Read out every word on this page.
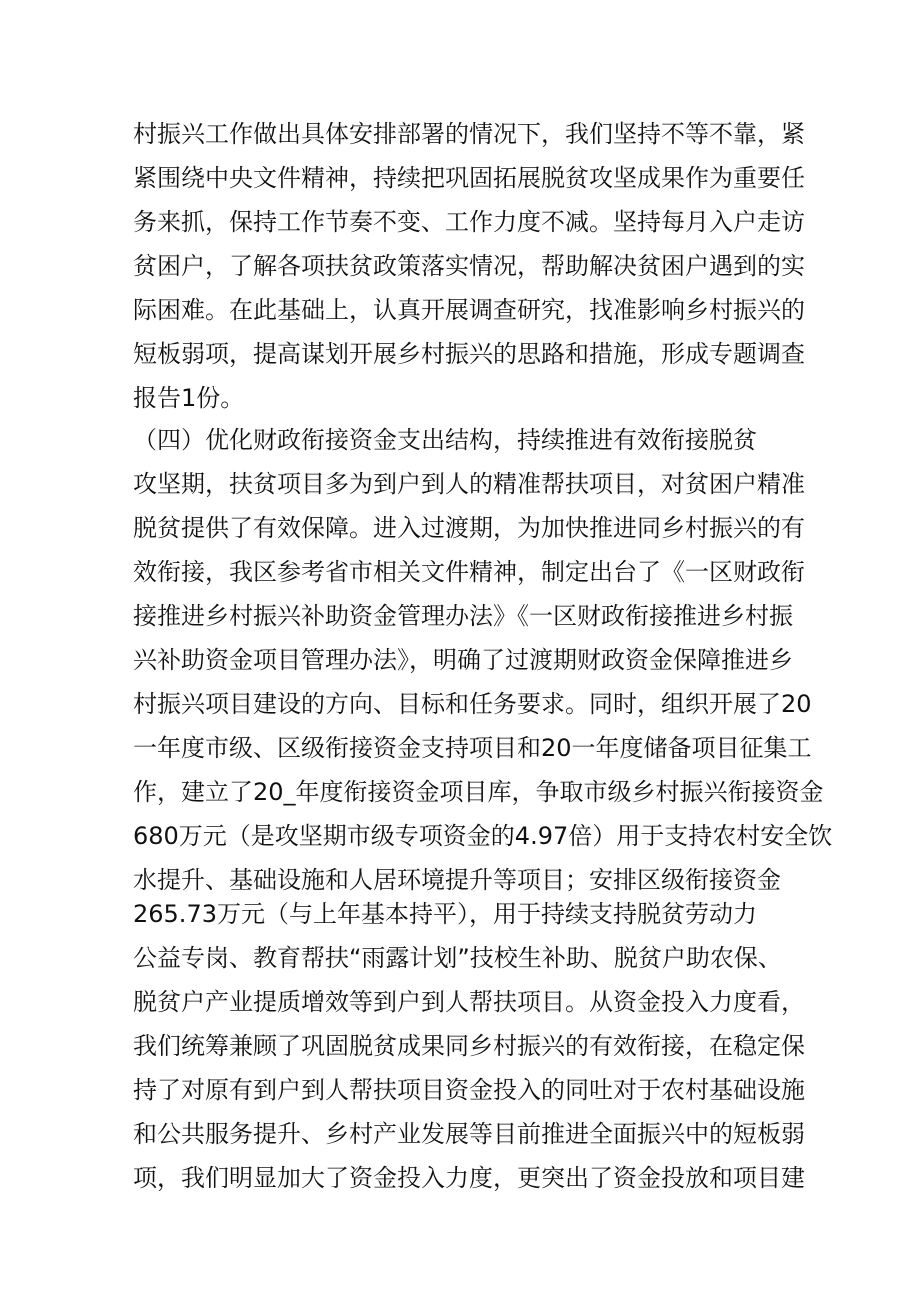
村振兴工作做出具体安排部署的情况下，我们坚持不等不靠，紧
紧围绕中央文件精神，持续把巩固拓展脱贫攻坚成果作为重要任
务来抓，保持工作节奏不变、工作力度不减。坚持每月入户走访
贫困户，了解各项扶贫政策落实情况，帮助解决贫困户遇到的实
际困难。在此基础上，认真开展调查研究，找准影响乡村振兴的
短板弱项，提高谋划开展乡村振兴的思路和措施，形成专题调查
报告1份。
（四）优化财政衔接资金支出结构，持续推进有效衔接脱贫
攻坚期，扶贫项目多为到户到人的精准帮扶项目，对贫困户精准
脱贫提供了有效保障。进入过渡期，为加快推进同乡村振兴的有
效衔接，我区参考省市相关文件精神，制定出台了《一区财政衔
接推进乡村振兴补助资金管理办法》《一区财政衔接推进乡村振
兴补助资金项目管理办法》，明确了过渡期财政资金保障推进乡
村振兴项目建设的方向、目标和任务要求。同时，组织开展了20
一年度市级、区级衔接资金支持项目和20一年度储备项目征集工
作，建立了20_年度衔接资金项目库，争取市级乡村振兴衔接资金
680万元（是攻坚期市级专项资金的4.97倍）用于支持农村安全饮
水提升、基础设施和人居环境提升等项目；安排区级衔接资金
265.73万元（与上年基本持平），用于持续支持脱贫劳动力
公益专岗、教育帮扶“雨露计划”技校生补助、脱贫户助农保、
脱贫户产业提质增效等到户到人帮扶项目。从资金投入力度看，
我们统筹兼顾了巩固脱贫成果同乡村振兴的有效衔接，在稳定保
持了对原有到户到人帮扶项目资金投入的同吐对于农村基础设施
和公共服务提升、乡村产业发展等目前推进全面振兴中的短板弱
项，我们明显加大了资金投入力度，更突出了资金投放和项目建
